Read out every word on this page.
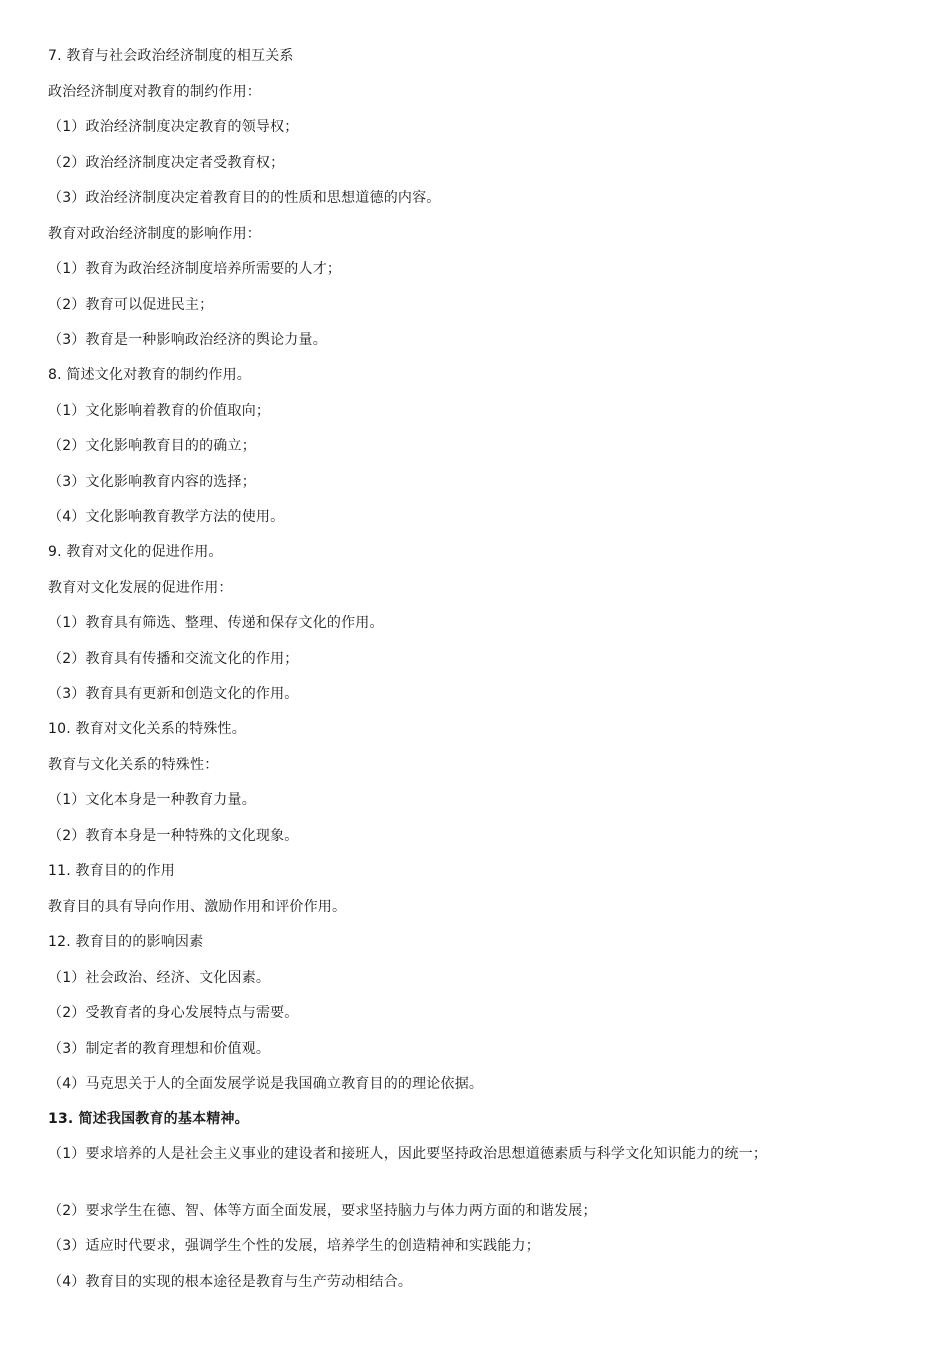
7. 教育与社会政治经济制度的相互关系
政治经济制度对教育的制约作用：
（1）政治经济制度决定教育的领导权；
（2）政治经济制度决定者受教育权；
（3）政治经济制度决定着教育目的的性质和思想道德的内容。
教育对政治经济制度的影响作用：
（1）教育为政治经济制度培养所需要的人才；
（2）教育可以促进民主；
（3）教育是一种影响政治经济的舆论力量。
8. 简述文化对教育的制约作用。
（1）文化影响着教育的价值取向；
（2）文化影响教育目的的确立；
（3）文化影响教育内容的选择；
（4）文化影响教育教学方法的使用。
9. 教育对文化的促进作用。
教育对文化发展的促进作用：
（1）教育具有筛选、整理、传递和保存文化的作用。
（2）教育具有传播和交流文化的作用；
（3）教育具有更新和创造文化的作用。
10. 教育对文化关系的特殊性。
教育与文化关系的特殊性：
（1）文化本身是一种教育力量。
（2）教育本身是一种特殊的文化现象。
11. 教育目的的作用
教育目的具有导向作用、激励作用和评价作用。
12. 教育目的的影响因素
（1）社会政治、经济、文化因素。
（2）受教育者的身心发展特点与需要。
（3）制定者的教育理想和价值观。
（4）马克思关于人的全面发展学说是我国确立教育目的的理论依据。
13. 简述我国教育的基本精神。
（1）要求培养的人是社会主义事业的建设者和接班人，因此要坚持政治思想道德素质与科学文化知识能力的统一；
（2）要求学生在德、智、体等方面全面发展，要求坚持脑力与体力两方面的和谐发展；
（3）适应时代要求，强调学生个性的发展，培养学生的创造精神和实践能力；
（4）教育目的实现的根本途径是教育与生产劳动相结合。
